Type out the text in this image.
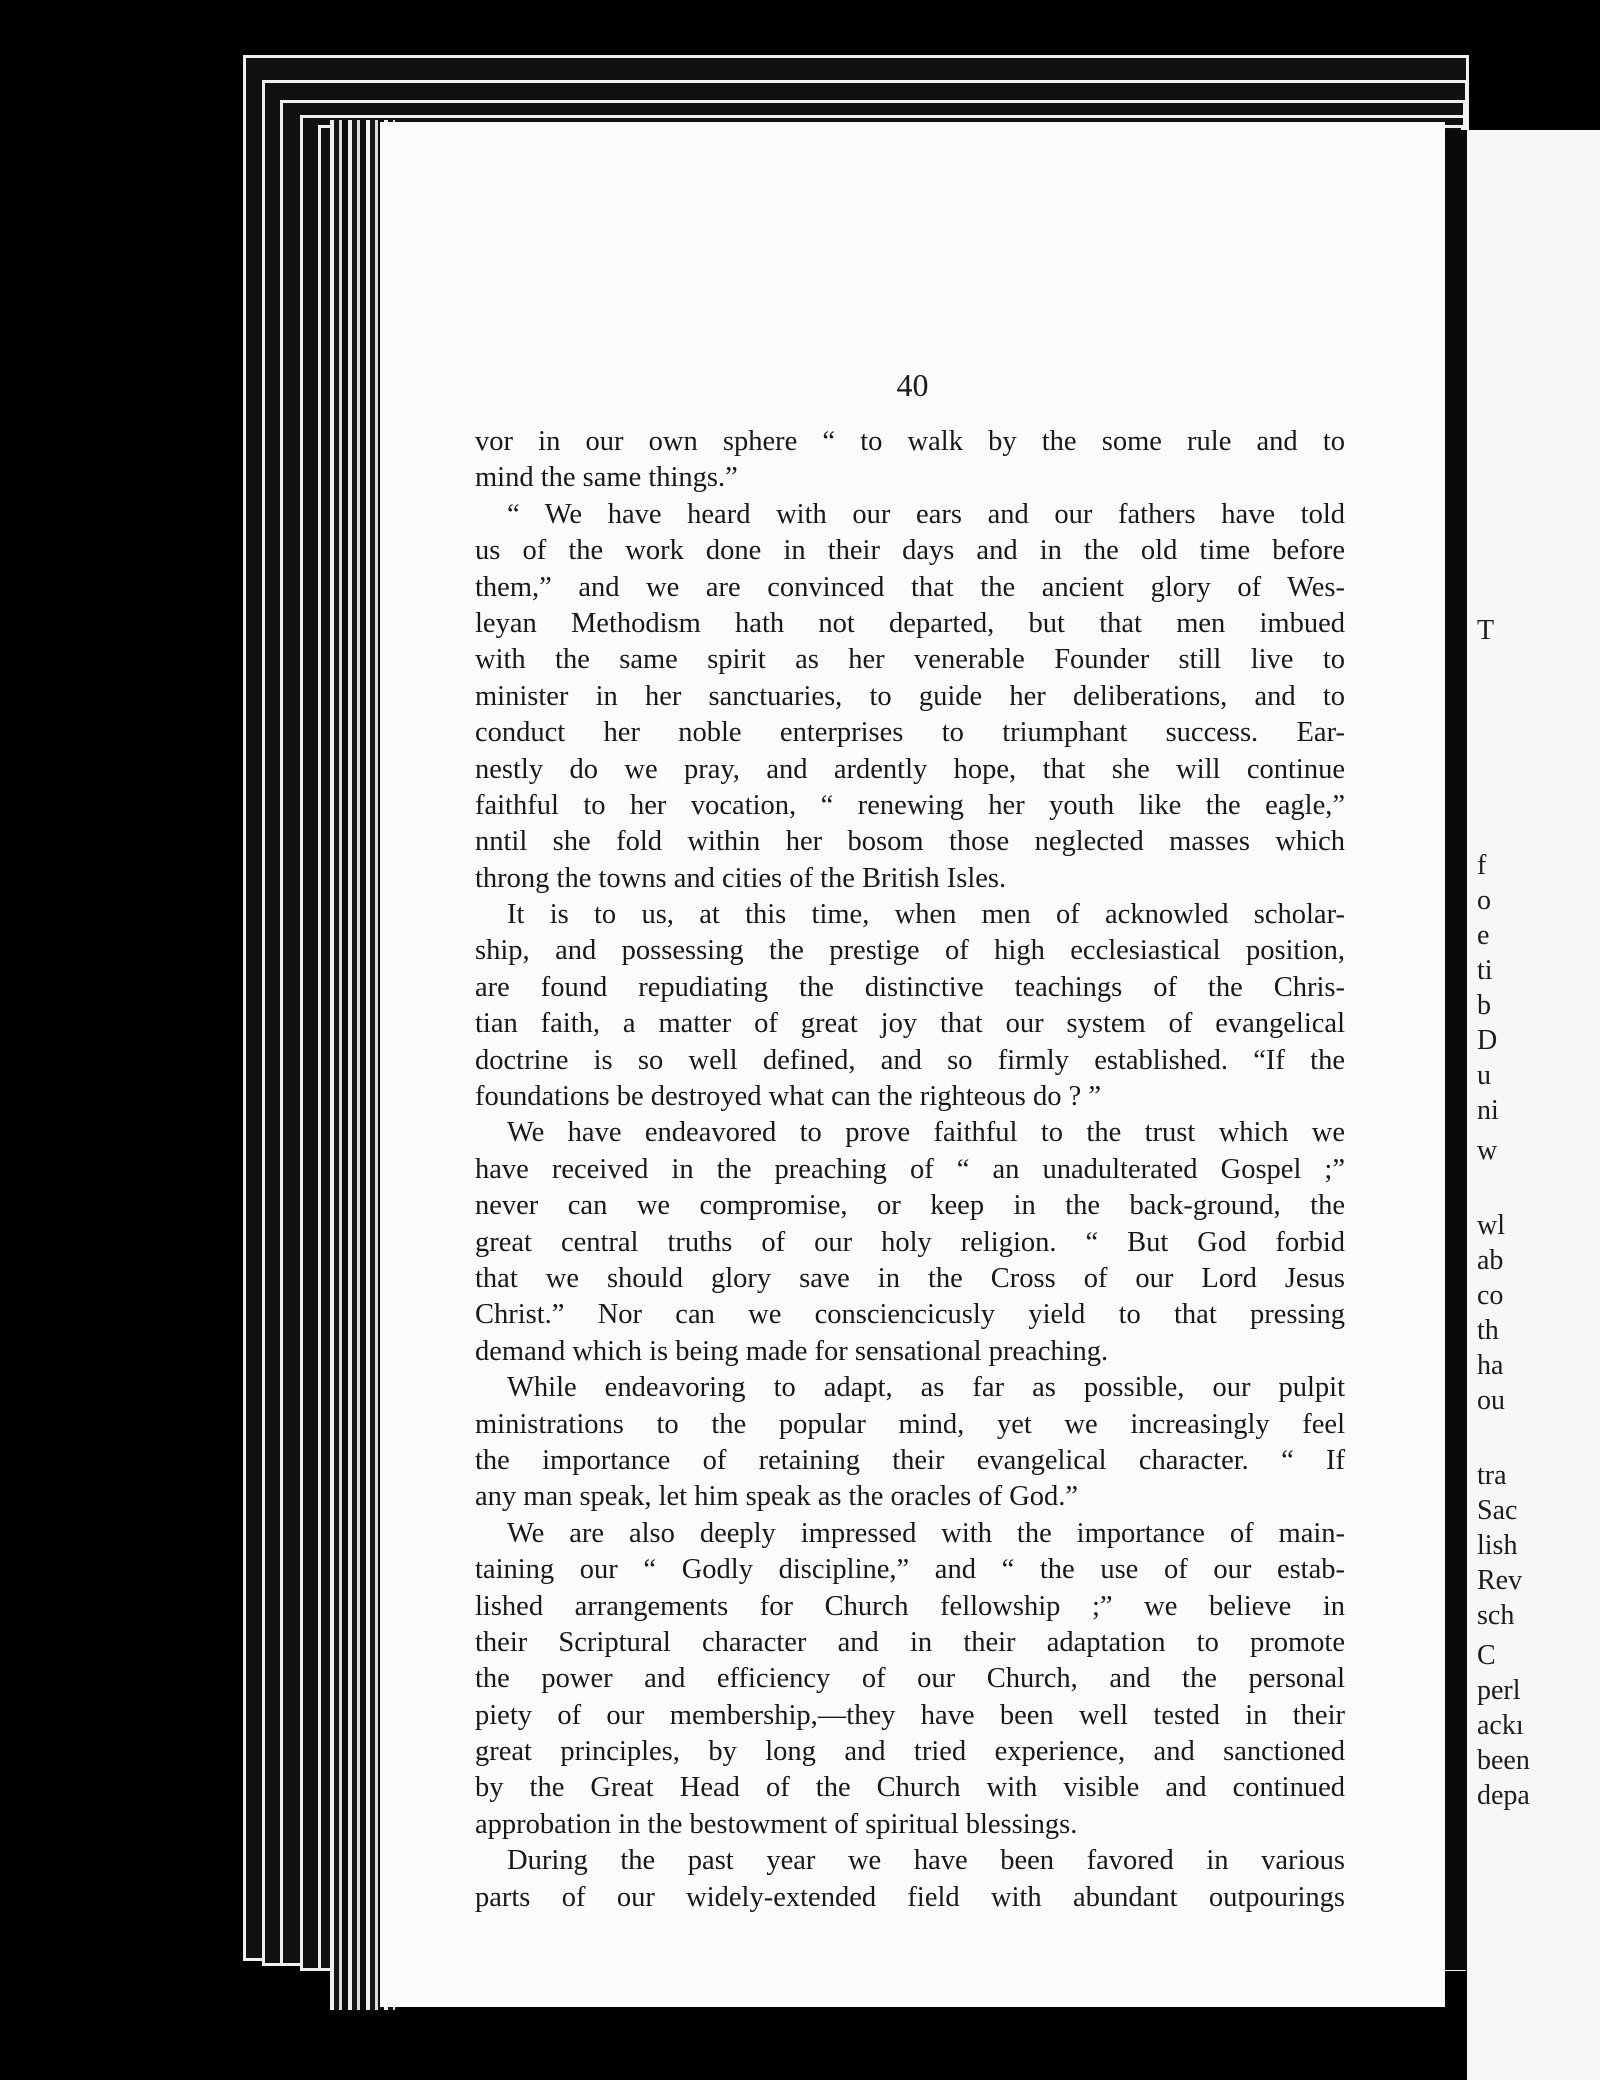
40
vor in our own sphere “ to walk by the some rule and to
mind the same things.”
“ We have heard with our ears and our fathers have told
us of the work done in their days and in the old time before
them,” and we are convinced that the ancient glory of Wes-
leyan Methodism hath not departed, but that men imbued
with the same spirit as her venerable Founder still live to
minister in her sanctuaries, to guide her deliberations, and to
conduct her noble enterprises to triumphant success. Ear-
nestly do we pray, and ardently hope, that she will continue
faithful to her vocation, “ renewing her youth like the eagle,”
nntil she fold within her bosom those neglected masses which
throng the towns and cities of the British Isles.
It is to us, at this time, when men of acknowled scholar-
ship, and possessing the prestige of high ecclesiastical position,
are found repudiating the distinctive teachings of the Chris-
tian faith, a matter of great joy that our system of evangelical
doctrine is so well defined, and so firmly established. “If the
foundations be destroyed what can the righteous do ? ”
We have endeavored to prove faithful to the trust which we
have received in the preaching of “ an unadulterated Gospel ;”
never can we compromise, or keep in the back-ground, the
great central truths of our holy religion. “ But God forbid
that we should glory save in the Cross of our Lord Jesus
Christ.” Nor can we consciencicusly yield to that pressing
demand which is being made for sensational preaching.
While endeavoring to adapt, as far as possible, our pulpit
ministrations to the popular mind, yet we increasingly feel
the importance of retaining their evangelical character. “ If
any man speak, let him speak as the oracles of God.”
We are also deeply impressed with the importance of main-
taining our “ Godly discipline,” and “ the use of our estab-
lished arrangements for Church fellowship ;” we believe in
their Scriptural character and in their adaptation to promote
the power and efficiency of our Church, and the personal
piety of our membership,—they have been well tested in their
great principles, by long and tried experience, and sanctioned
by the Great Head of the Church with visible and continued
approbation in the bestowment of spiritual blessings.
During the past year we have been favored in various
parts of our widely-extended field with abundant outpourings
T
f
o
e
ti
b
D
u
ni
w
wl
ab
co
th
ha
ou
tra
Sac
lish
Rev
sch
C
perl
ackı
been
depa
